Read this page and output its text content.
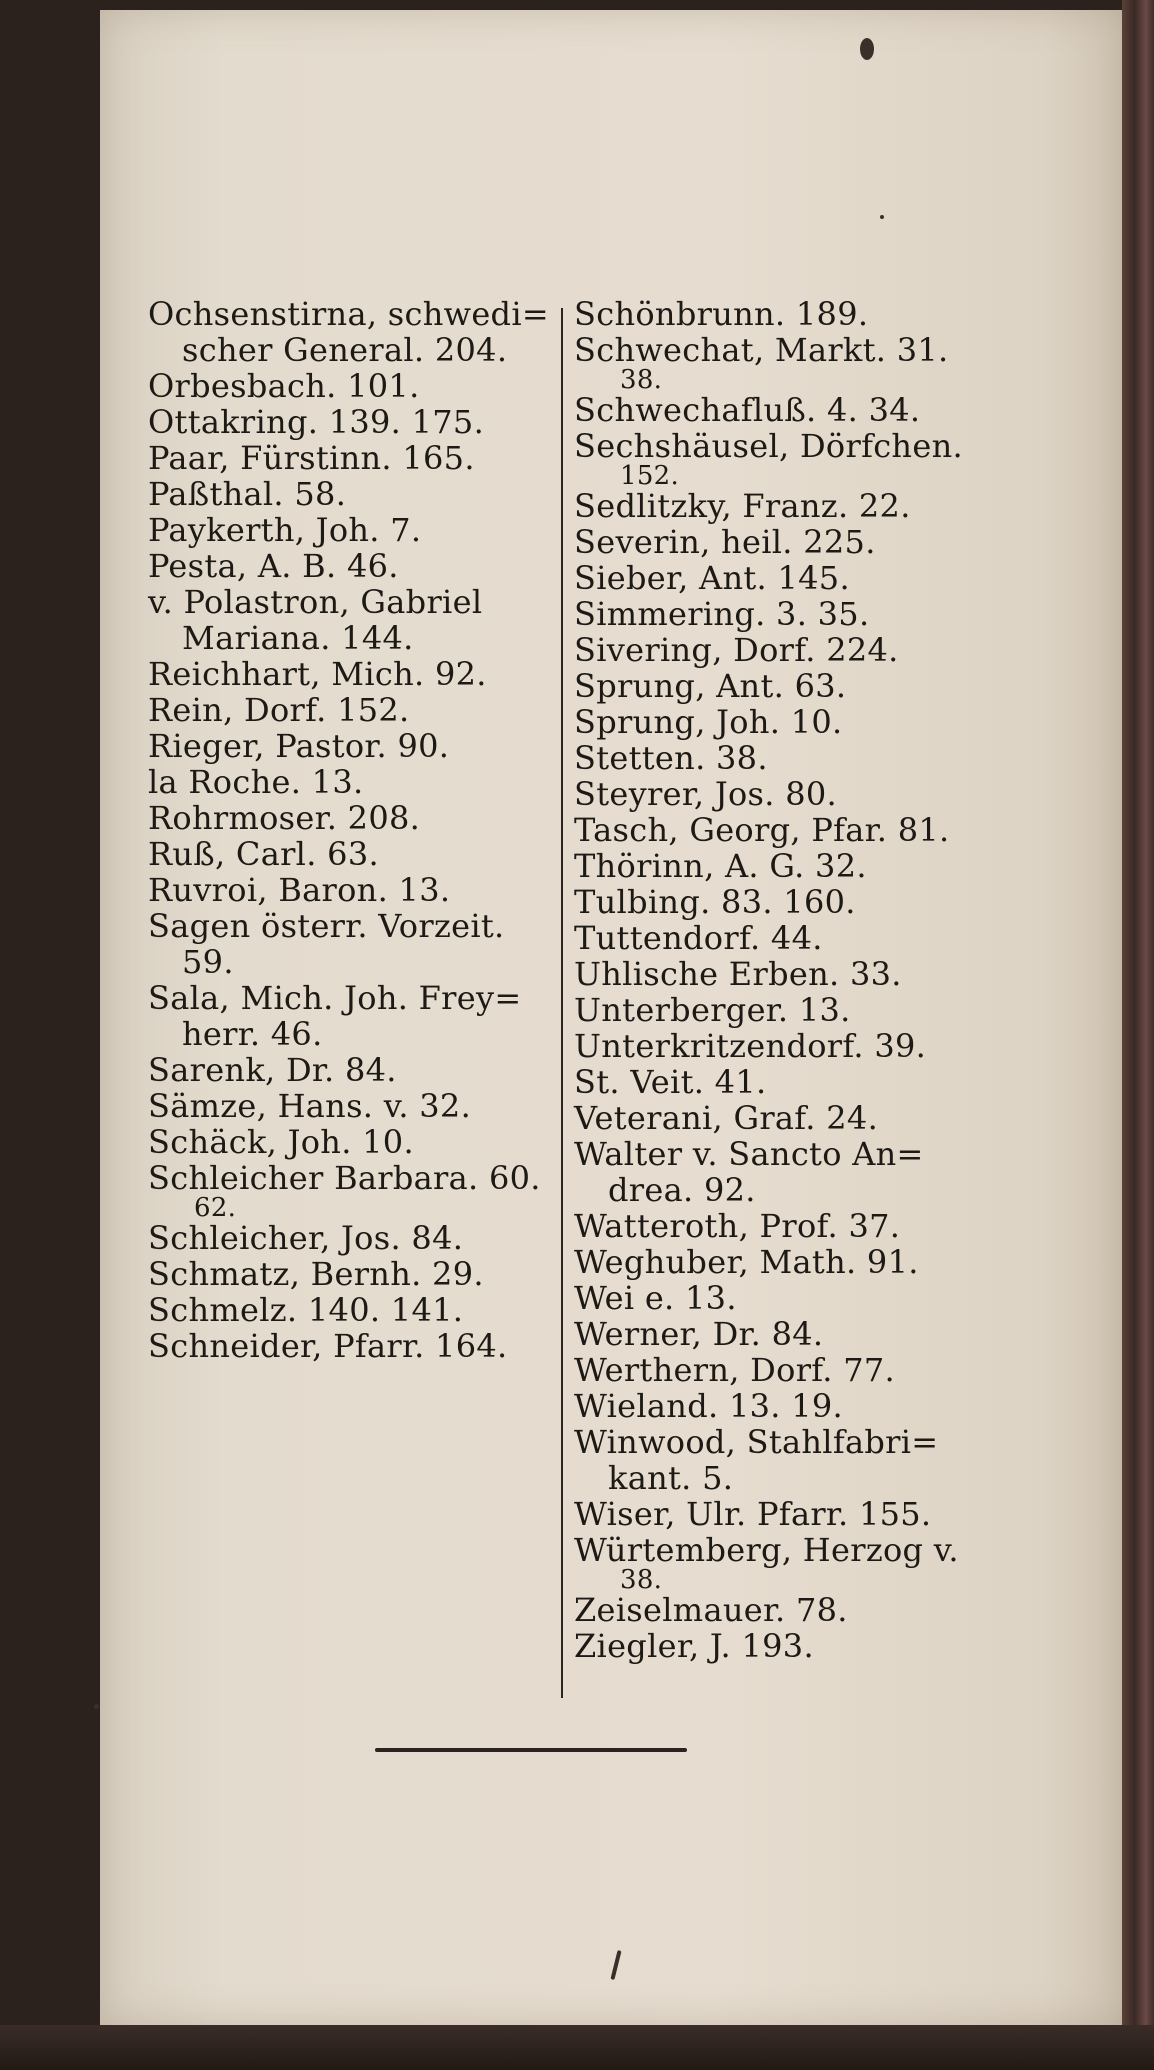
Ochsenstirna, schwedi=
scher General. 204.

Orbesbach. 101.

Ottakring. 139. 175.

Paar, Fürstinn. 165.

Paßthal. 58.

Paykerth, Joh. 7.

Pesta, A. B. 46.

v. Polastron, Gabriel
Mariana. 144.

Reichhart, Mich. 92.

Rein, Dorf. 152.

Rieger, Pastor. 90.

la Roche. 13.

Rohrmoser. 208.

Ruß, Carl. 63.

Ruvroi, Baron. 13.

Sagen österr. Vorzeit.
59.

Sala, Mich. Joh. Frey=
herr. 46.

Sarenk, Dr. 84.

Sämze, Hans. v. 32.

Schäck, Joh. 10.

Schleicher Barbara. 60.
62.

Schleicher, Jos. 84.

Schmatz, Bernh. 29.

Schmelz. 140. 141.

Schneider, Pfarr. 164.

Schönbrunn. 189.

Schwechat, Markt. 31.
38.

Schwechafluß. 4. 34.

Sechshäusel, Dörfchen.
152.

Sedlitzky, Franz. 22.

Severin, heil. 225.

Sieber, Ant. 145.

Simmering. 3. 35.

Sivering, Dorf. 224.

Sprung, Ant. 63.

Sprung, Joh. 10.

Stetten. 38.

Steyrer, Jos. 80.

Tasch, Georg, Pfar. 81.

Thörinn, A. G. 32.

Tulbing. 83. 160.

Tuttendorf. 44.

Uhlische Erben. 33.

Unterberger. 13.

Unterkritzendorf. 39.

St. Veit. 41.

Veterani, Graf. 24.

Walter v. Sancto An=
drea. 92.

Watteroth, Prof. 37.

Weghuber, Math. 91.

Wei e. 13.

Werner, Dr. 84.

Werthern, Dorf. 77.

Wieland. 13. 19.

Winwood, Stahlfabri=
kant. 5.

Wiser, Ulr. Pfarr. 155.

Würtemberg, Herzog v.
38.

Zeiselmauer. 78.

Ziegler, J. 193.
